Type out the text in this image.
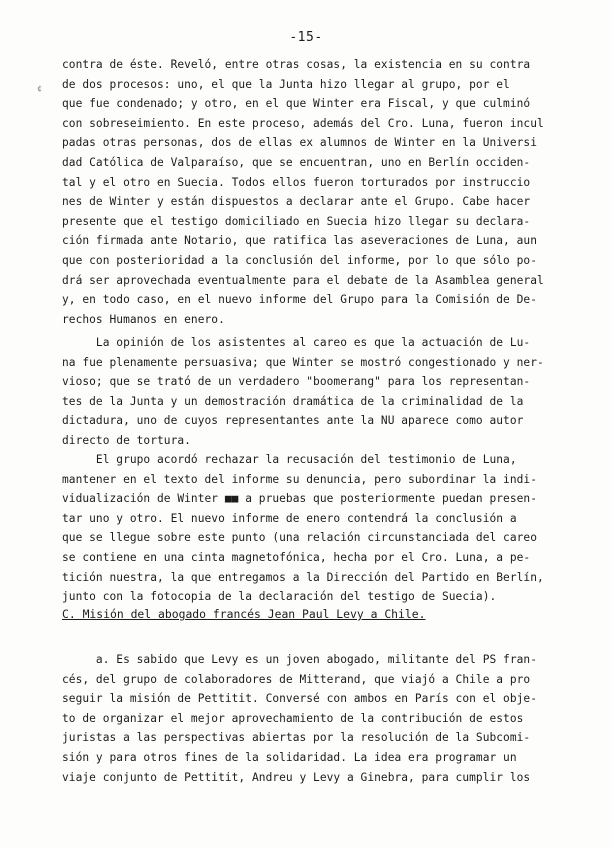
-15-
¢
contra de éste. Reveló, entre otras cosas, la existencia en su contra
de dos procesos: uno, el que la Junta hizo llegar al grupo, por el
que fue condenado; y otro, en el que Winter era Fiscal, y que culminó
con sobreseimiento. En este proceso, además del Cro. Luna, fueron incul
padas otras personas, dos de ellas ex alumnos de Winter en la Universi
dad Católica de Valparaíso, que se encuentran, uno en Berlín occiden-
tal y el otro en Suecia. Todos ellos fueron torturados por instruccio
nes de Winter y están dispuestos a declarar ante el Grupo. Cabe hacer
presente que el testigo domiciliado en Suecia hizo llegar su declara-
ción firmada ante Notario, que ratifica las aseveraciones de Luna, aun
que con posterioridad a la conclusión del informe, por lo que sólo po-
drá ser aprovechada eventualmente para el debate de la Asamblea general
y, en todo caso, en el nuevo informe del Grupo para la Comisión de De-
rechos Humanos en enero.
La opinión de los asistentes al careo es que la actuación de Lu-
na fue plenamente persuasiva; que Winter se mostró congestionado y ner-
vioso; que se trató de un verdadero "boomerang" para los representan-
tes de la Junta y un demostración dramática de la criminalidad de la
dictadura, uno de cuyos representantes ante la NU aparece como autor
directo de tortura.
El grupo acordó rechazar la recusación del testimonio de Luna,
mantener en el texto del informe su denuncia, pero subordinar la indi-
vidualización de Winter ■■ a pruebas que posteriormente puedan presen-
tar uno y otro. El nuevo informe de enero contendrá la conclusión a
que se llegue sobre este punto (una relación circunstanciada del careo
se contiene en una cinta magnetofónica, hecha por el Cro. Luna, a pe-
tición nuestra, la que entregamos a la Dirección del Partido en Berlín,
junto con la fotocopia de la declaración del testigo de Suecia).
C. Misión del abogado francés Jean Paul Levy a Chile.
a. Es sabido que Levy es un joven abogado, militante del PS fran-
cés, del grupo de colaboradores de Mitterand, que viajó a Chile a pro
seguir la misión de Pettitit. Conversé con ambos en París con el obje-
to de organizar el mejor aprovechamiento de la contribución de estos
juristas a las perspectivas abiertas por la resolución de la Subcomi-
sión y para otros fines de la solidaridad. La idea era programar un
viaje conjunto de Pettitit, Andreu y Levy a Ginebra, para cumplir los
